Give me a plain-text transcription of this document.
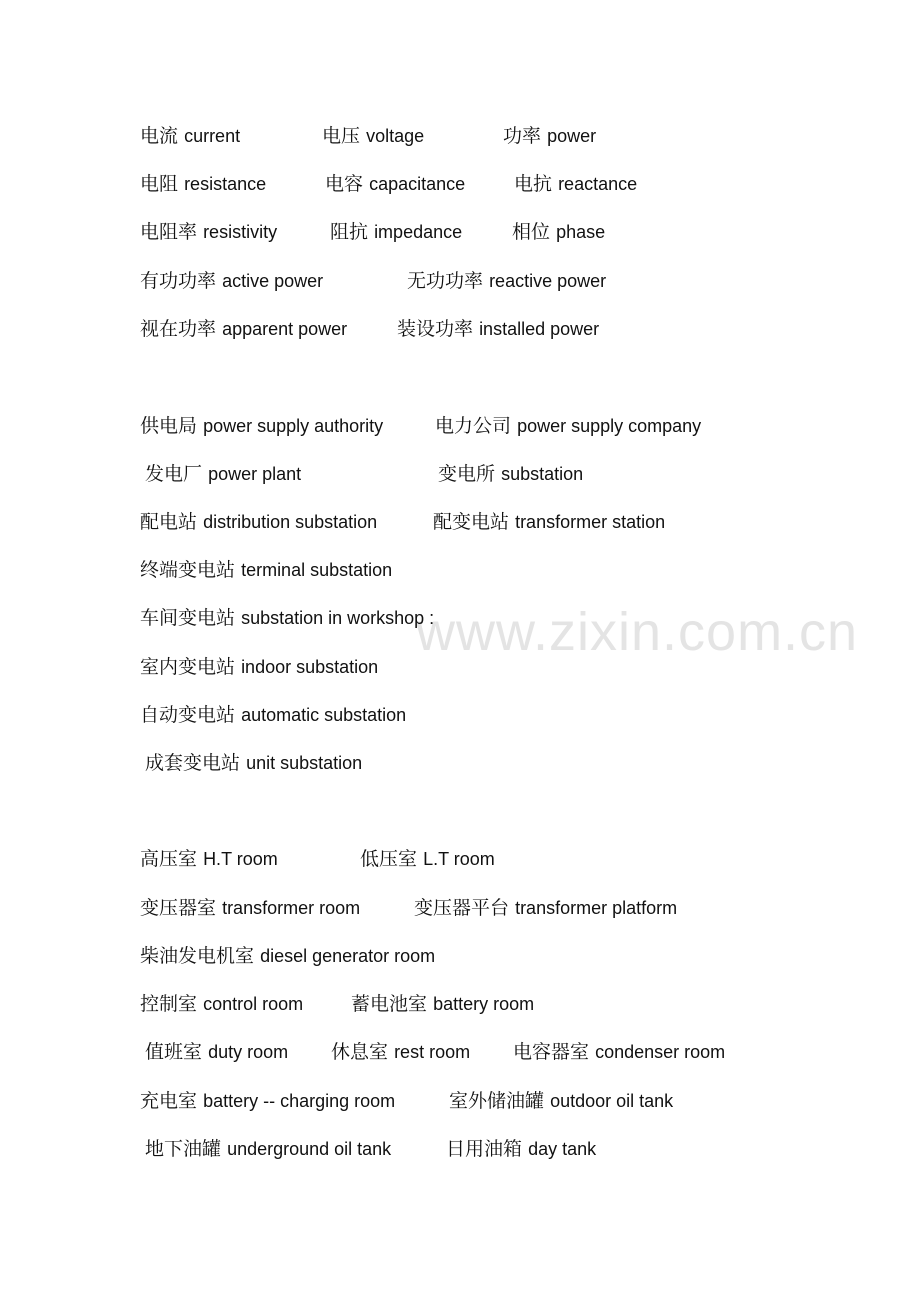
www.zixin.com.cn
电流 current	电压 voltage	功率 power
电阻 resistance	电容 capacitance	电抗 reactance
电阻率 resistivity	阻抗 impedance	相位 phase
有功功率 active power	无功功率 reactive power
视在功率 apparent power	装设功率 installed power
供电局 power supply authority	电力公司 power supply company
发电厂 power plant	变电所 substation
配电站 distribution substation	配变电站 transformer station
终端变电站 terminal substation
车间变电站 substation in workshop :
室内变电站 indoor substation
自动变电站 automatic substation
成套变电站 unit substation
高压室 H.T room	低压室 L.T room
变压器室 transformer room	变压器平台 transformer platform
柴油发电机室 diesel generator room
控制室 control room	蓄电池室 battery room
值班室 duty room 休息室 rest room 电容器室 condenser room
充电室 battery -- charging room	室外储油罐 outdoor oil tank
地下油罐 underground oil tank	日用油箱 day tank
